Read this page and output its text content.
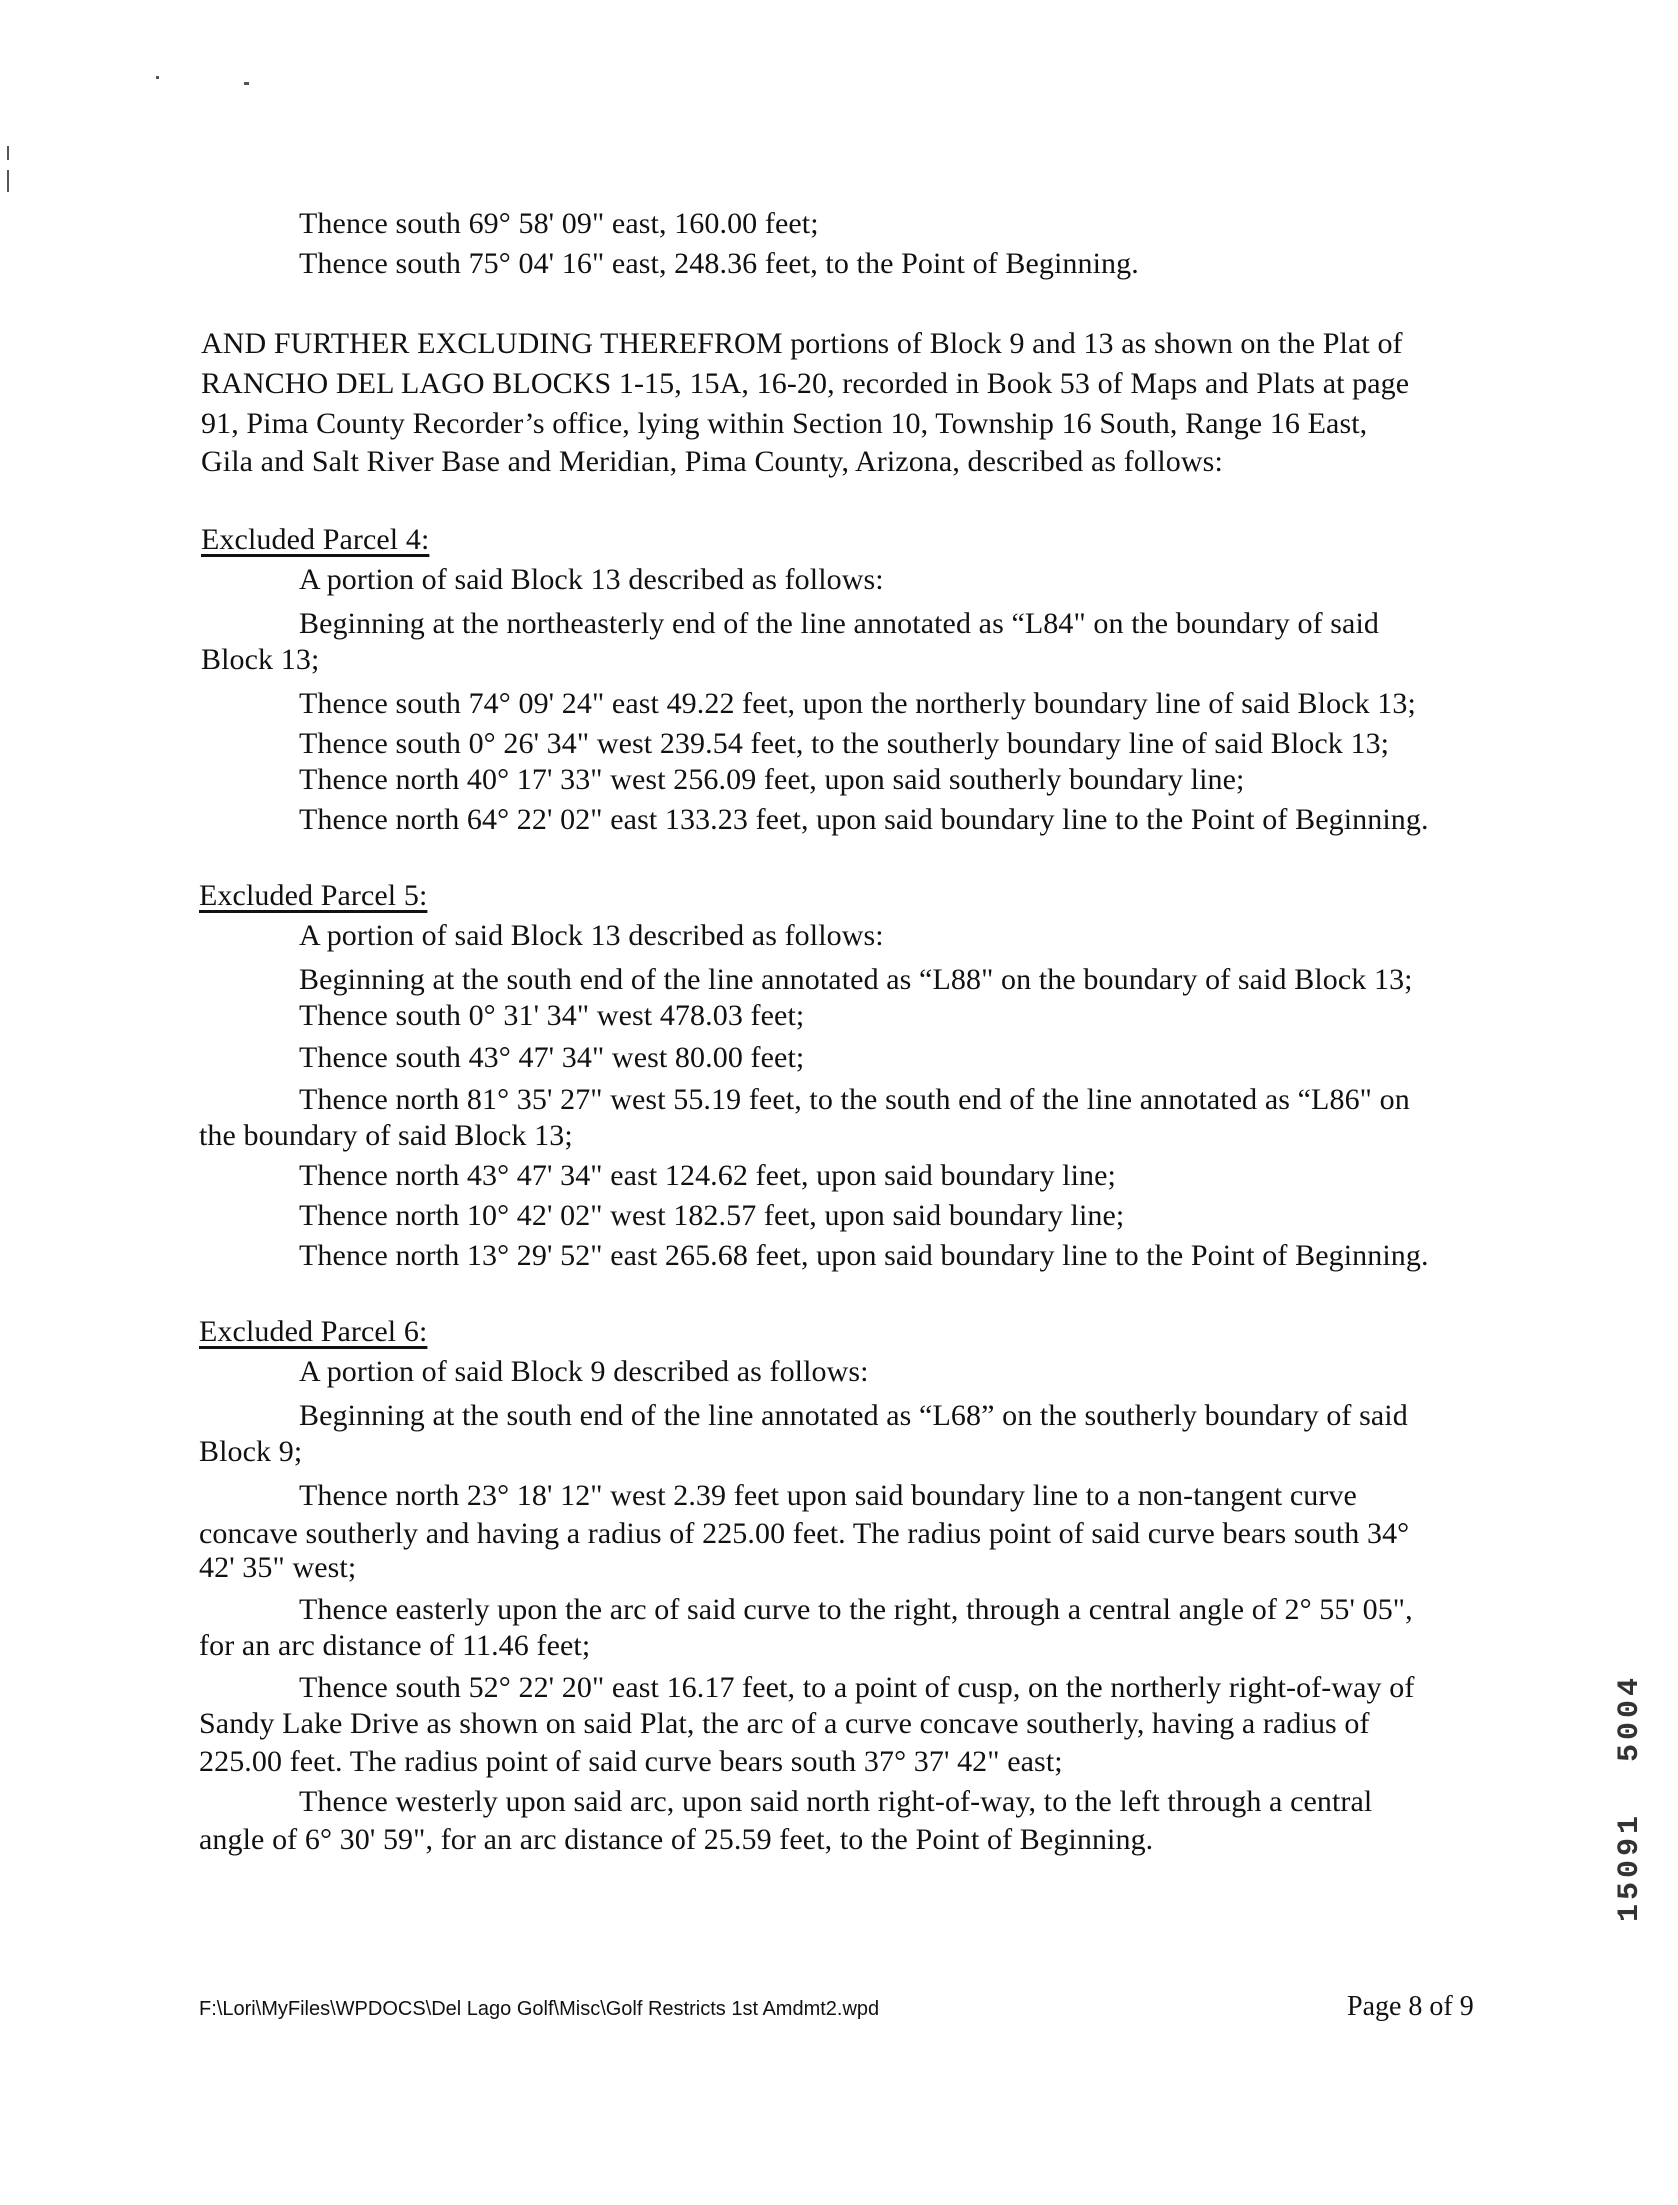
Thence south 69° 58' 09" east, 160.00 feet;
Thence south 75° 04' 16" east, 248.36 feet, to the Point of Beginning.
AND FURTHER EXCLUDING THEREFROM portions of Block 9 and 13 as shown on the Plat of
RANCHO DEL LAGO BLOCKS 1-15, 15A, 16-20, recorded in Book 53 of Maps and Plats at page
91, Pima County Recorder’s office, lying within Section 10, Township 16 South, Range 16 East,
Gila and Salt River Base and Meridian, Pima County, Arizona, described as follows:
Excluded Parcel 4:
A portion of said Block 13 described as follows:
Beginning at the northeasterly end of the line annotated as “L84" on the boundary of said
Block 13;
Thence south 74° 09' 24" east 49.22 feet, upon the northerly boundary line of said Block 13;
Thence south 0° 26' 34" west 239.54 feet, to the southerly boundary line of said Block 13;
Thence north 40° 17' 33" west 256.09 feet, upon said southerly boundary line;
Thence north 64° 22' 02" east 133.23 feet, upon said boundary line to the Point of Beginning.
Excluded Parcel 5:
A portion of said Block 13 described as follows:
Beginning at the south end of the line annotated as “L88" on the boundary of said Block 13;
Thence south 0° 31' 34" west 478.03 feet;
Thence south 43° 47' 34" west 80.00 feet;
Thence north 81° 35' 27" west 55.19 feet, to the south end of the line annotated as “L86" on
the boundary of said Block 13;
Thence north 43° 47' 34" east 124.62 feet, upon said boundary line;
Thence north 10° 42' 02" west 182.57 feet, upon said boundary line;
Thence north 13° 29' 52" east 265.68 feet, upon said boundary line to the Point of Beginning.
Excluded Parcel 6:
A portion of said Block 9 described as follows:
Beginning at the south end of the line annotated as “L68” on the southerly boundary of said
Block 9;
Thence north 23° 18' 12" west 2.39 feet upon said boundary line to a non-tangent curve
concave southerly and having a radius of 225.00 feet. The radius point of said curve bears south 34°
42' 35" west;
Thence easterly upon the arc of said curve to the right, through a central angle of 2° 55' 05",
for an arc distance of 11.46 feet;
Thence south 52° 22' 20" east 16.17 feet, to a point of cusp, on the northerly right-of-way of
Sandy Lake Drive as shown on said Plat, the arc of a curve concave southerly, having a radius of
225.00 feet. The radius point of said curve bears south 37° 37' 42" east;
Thence westerly upon said arc, upon said north right-of-way, to the left through a central
angle of 6° 30' 59", for an arc distance of 25.59 feet, to the Point of Beginning.	15091
5004
F:\Lori\MyFiles\WPDOCS\Del Lago Golf\Misc\Golf Restricts 1st Amdmt2.wpd	Page 8 of 9
